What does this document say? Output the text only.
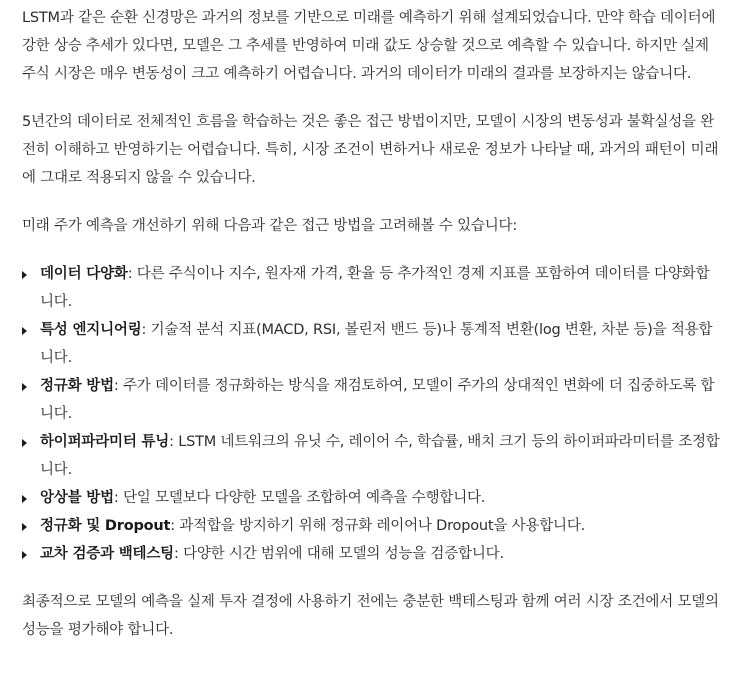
LSTM과 같은 순환 신경망은 과거의 정보를 기반으로 미래를 예측하기 위해 설계되었습니다. 만약 학습 데이터에 강한 상승 추세가 있다면, 모델은 그 추세를 반영하여 미래 값도 상승할 것으로 예측할 수 있습니다. 하지만 실제 주식 시장은 매우 변동성이 크고 예측하기 어렵습니다. 과거의 데이터가 미래의 결과를 보장하지는 않습니다.

5년간의 데이터로 전체적인 흐름을 학습하는 것은 좋은 접근 방법이지만, 모델이 시장의 변동성과 불확실성을 완전히 이해하고 반영하기는 어렵습니다. 특히, 시장 조건이 변하거나 새로운 정보가 나타날 때, 과거의 패턴이 미래에 그대로 적용되지 않을 수 있습니다.

미래 주가 예측을 개선하기 위해 다음과 같은 접근 방법을 고려해볼 수 있습니다:

데이터 다양화: 다른 주식이나 지수, 원자재 가격, 환율 등 추가적인 경제 지표를 포함하여 데이터를 다양화합니다.
특성 엔지니어링: 기술적 분석 지표(MACD, RSI, 볼린저 밴드 등)나 통계적 변환(log 변환, 차분 등)을 적용합니다.
정규화 방법: 주가 데이터를 정규화하는 방식을 재검토하여, 모델이 주가의 상대적인 변화에 더 집중하도록 합니다.
하이퍼파라미터 튜닝: LSTM 네트워크의 유닛 수, 레이어 수, 학습률, 배치 크기 등의 하이퍼파라미터를 조정합니다.
앙상블 방법: 단일 모델보다 다양한 모델을 조합하여 예측을 수행합니다.
정규화 및 Dropout: 과적합을 방지하기 위해 정규화 레이어나 Dropout을 사용합니다.
교차 검증과 백테스팅: 다양한 시간 범위에 대해 모델의 성능을 검증합니다.

최종적으로 모델의 예측을 실제 투자 결정에 사용하기 전에는 충분한 백테스팅과 함께 여러 시장 조건에서 모델의 성능을 평가해야 합니다.
